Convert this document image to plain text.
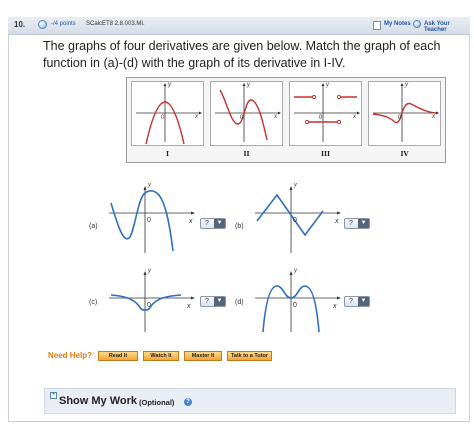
10.	-/4 points SCalcET8 2.8.003.MI.	My Notes Ask Your Teacher
The graphs of four derivatives are given below. Match the graph of each function in (a)-(d) with the graph of its derivative in I-IV.
y
x
0
y
x
0
y
x
0
y
x
0
I	II	III	IV
(a)
y
0	x ?	▼	(b)
y
0	x ?	▼
(c)
y
0	x
?	▼	(d)
y
0	x
?	▼
Need Help?	Read It	Watch It	Master It	Talk to a Tutor
+ Show My Work (Optional)	?
